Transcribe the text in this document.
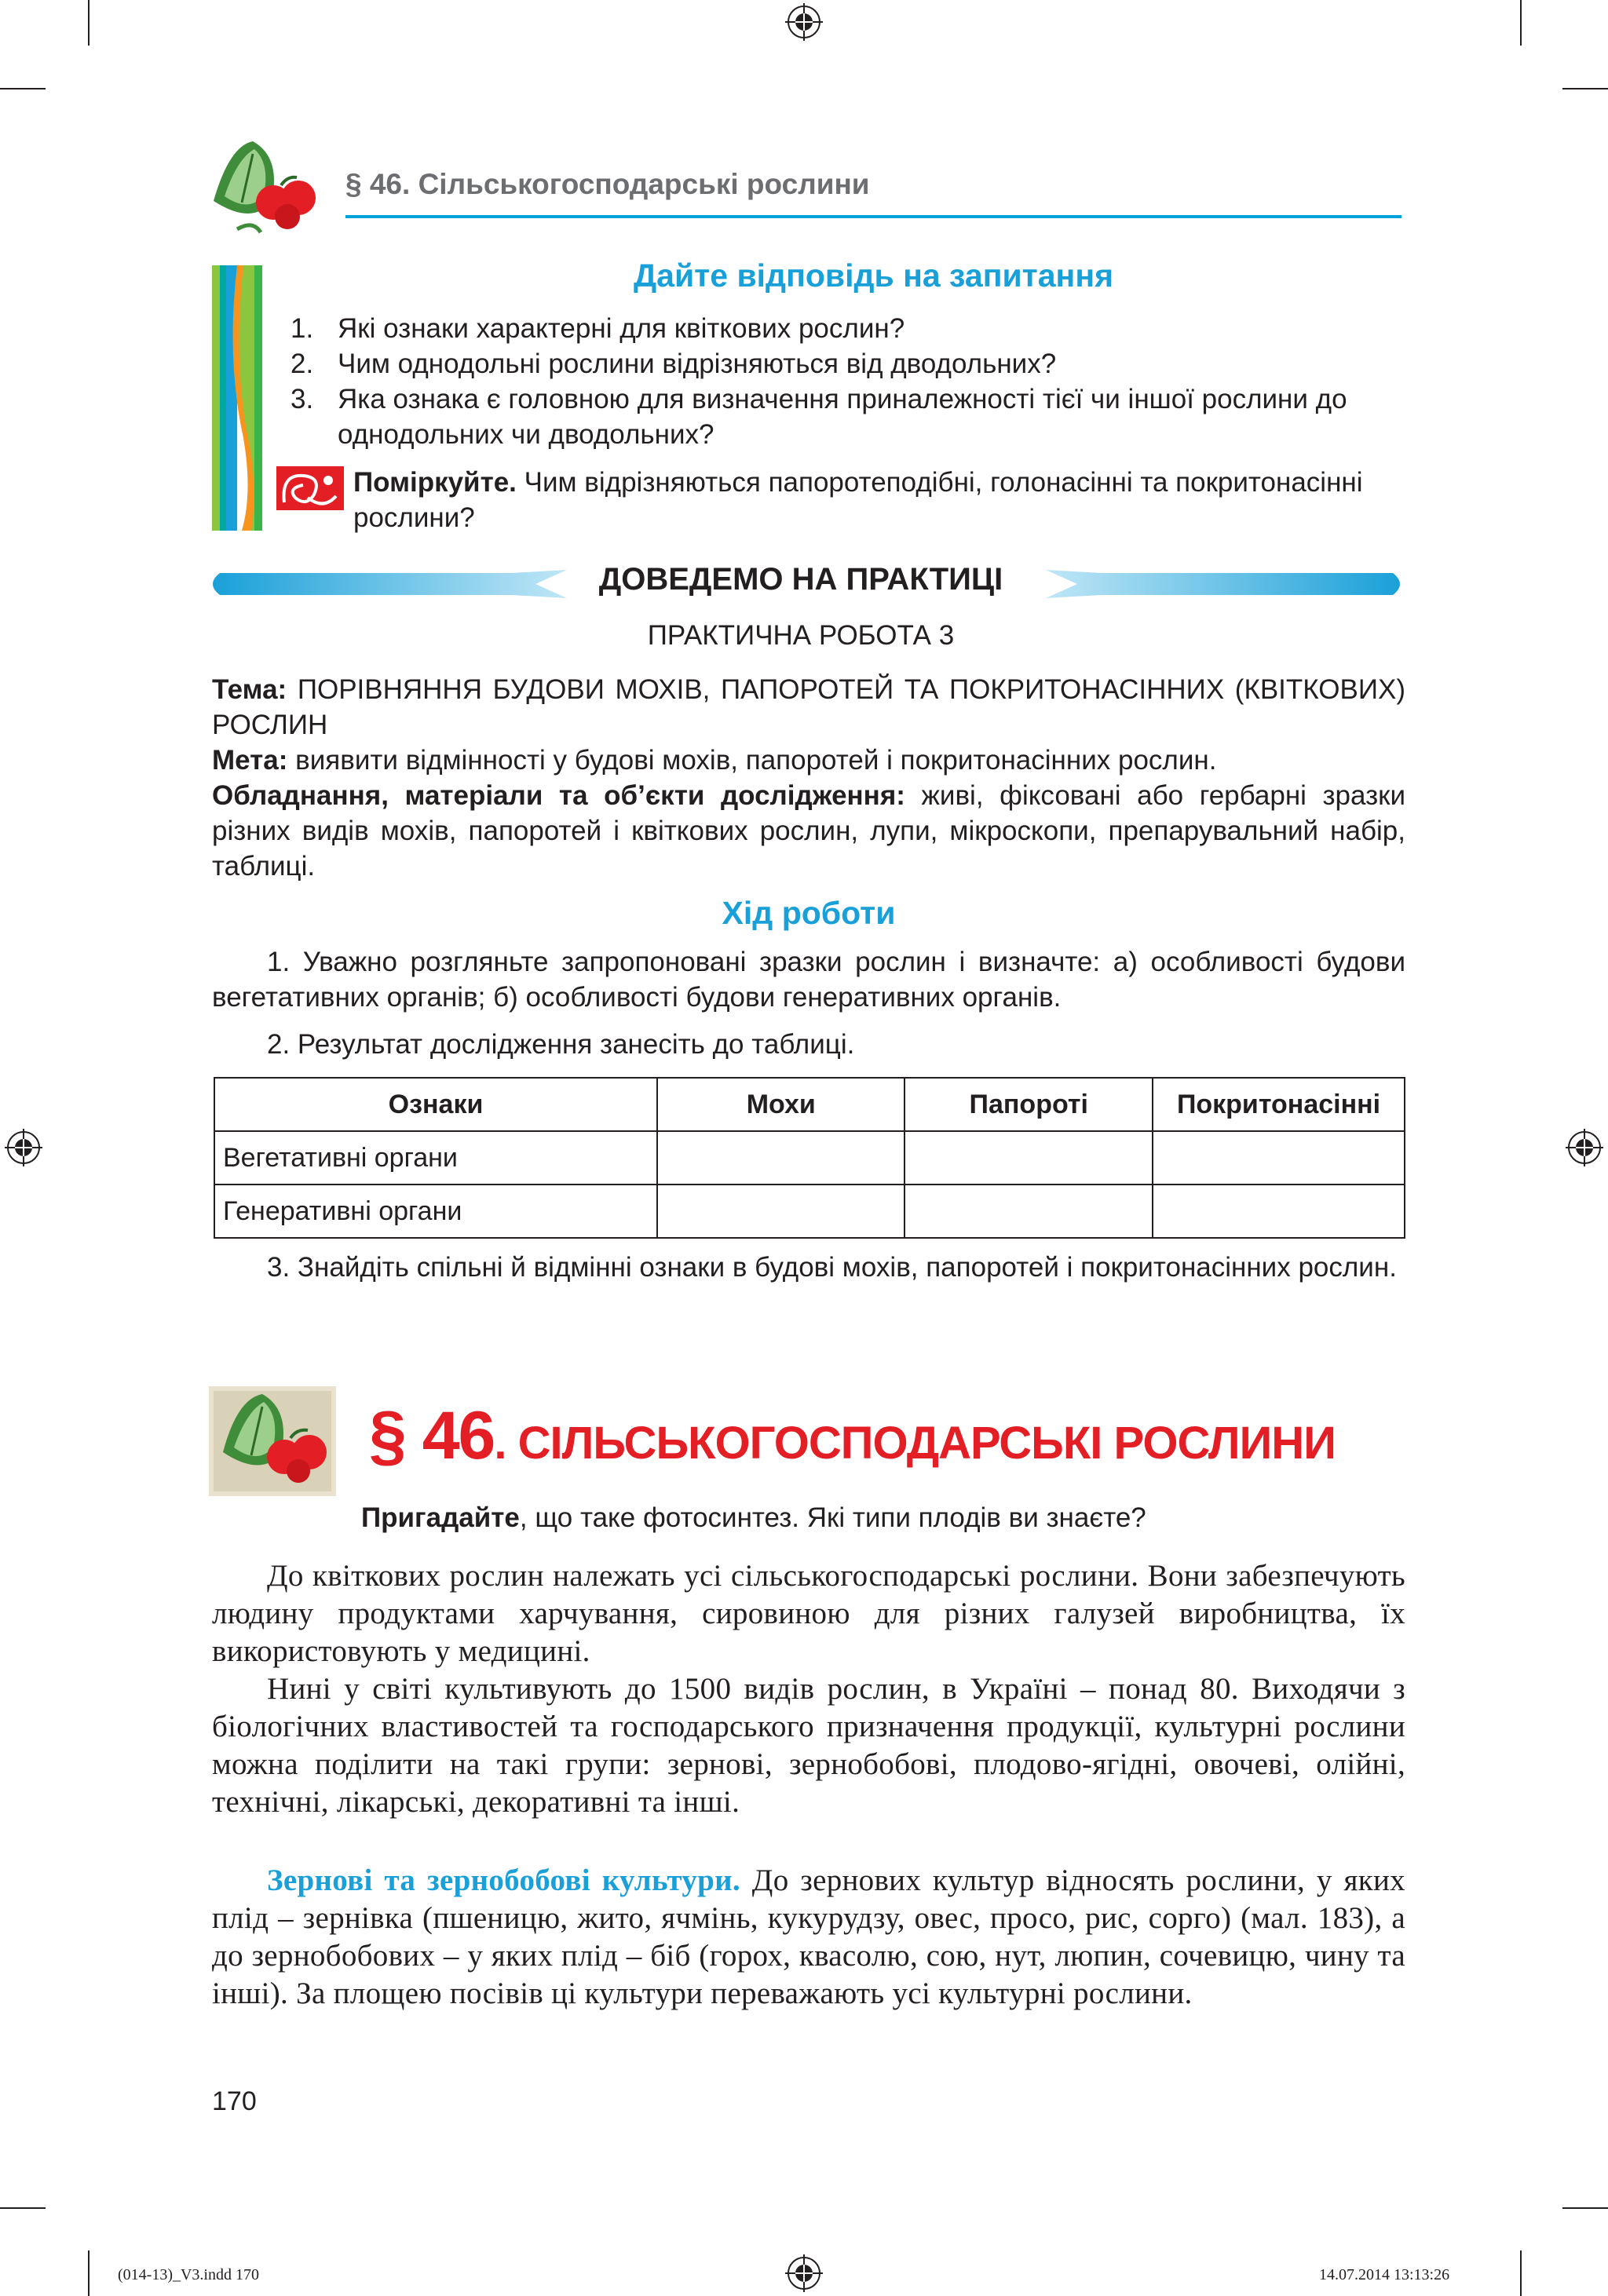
§ 46. Сільськогосподарські рослини
Дайте відповідь на запитання
1. Які ознаки характерні для квіткових рослин?
2. Чим однодольні рослини відрізняються від дводольних?
3. Яка ознака є головною для визначення приналежності тієї чи іншої рослини до однодольних чи дводольних?
Поміркуйте. Чим відрізняються папоротеподібні, голонасінні та покритонасінні рослини?
ДОВЕДЕМО НА ПРАКТИЦІ
ПРАКТИЧНА РОБОТА 3
Тема: ПОРІВНЯННЯ БУДОВИ МОХІВ, ПАПОРОТЕЙ ТА ПОКРИТОНАСІННИХ (КВІТКОВИХ) РОСЛИН
Мета: виявити відмінності у будові мохів, папоротей і покритонасінних рослин.
Обладнання, матеріали та об’єкти дослідження: живі, фіксовані або гербарні зразки різних видів мохів, папоротей і квіткових рослин, лупи, мікроскопи, препарувальний набір, таблиці.
Хід роботи
1. Уважно розгляньте запропоновані зразки рослин і визначте: а) особливості будови вегетативних органів; б) особливості будови генеративних органів.
2. Результат дослідження занесіть до таблиці.
Ознаки	Мохи	Папороті	Покритонасінні
Вегетативні органи			
Генеративні органи			
3. Знайдіть спільні й відмінні ознаки в будові мохів, папоротей і покритонасінних рослин.
§ 46. СІЛЬСЬКОГОСПОДАРСЬКІ РОСЛИНИ
Пригадайте, що таке фотосинтез. Які типи плодів ви знаєте?
До квіткових рослин належать усі сільськогосподарські рослини. Вони забезпечують людину продуктами харчування, сировиною для різних галузей виробництва, їх використовують у медицині.
Нині у світі культивують до 1500 видів рослин, в Україні – понад 80. Виходячи з біологічних властивостей та господарського призначення продукції, культурні рослини можна поділити на такі групи: зернові, зернобобові, плодово-ягідні, овочеві, олійні, технічні, лікарські, декоративні та інші.
Зернові та зернобобові культури. До зернових культур відносять рослини, у яких плід – зернівка (пшеницю, жито, ячмінь, кукурудзу, овес, просо, рис, сорго) (мал. 183), а до зернобобових – у яких плід – біб (горох, квасолю, сою, нут, люпин, сочевицю, чину та інші). За площею посівів ці культури переважають усі культурні рослини.
170
(014-13)_V3.indd 170	14.07.2014 13:13:26
